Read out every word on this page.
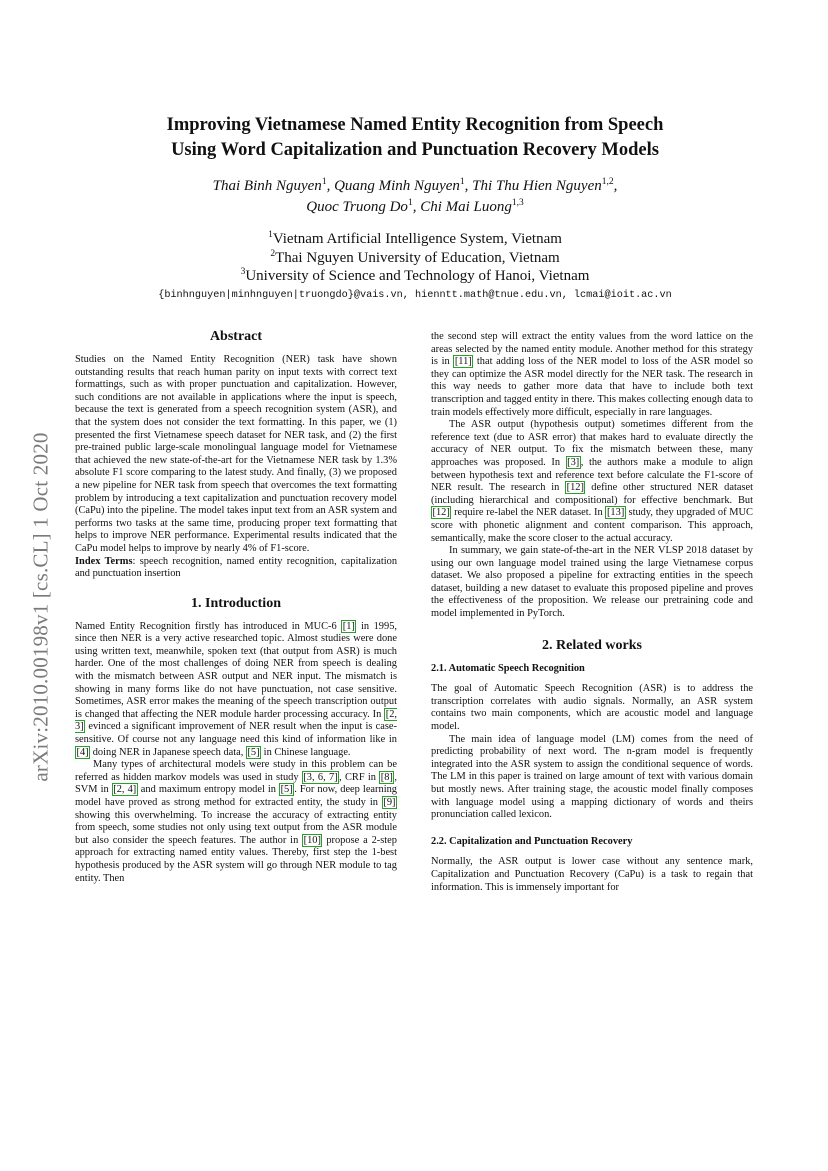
arXiv:2010.00198v1 [cs.CL] 1 Oct 2020
Improving Vietnamese Named Entity Recognition from Speech
Using Word Capitalization and Punctuation Recovery Models
Thai Binh Nguyen$^1$, Quang Minh Nguyen$^1$, Thi Thu Hien Nguyen$^{1,2}$,
Quoc Truong Do$^1$, Chi Mai Luong$^{1,3}$
$^1$Vietnam Artificial Intelligence System, Vietnam
$^2$Thai Nguyen University of Education, Vietnam
$^3$University of Science and Technology of Hanoi, Vietnam
{binhnguyen|minhnguyen|truongdo}@vais.vn, hienntt.math@tnue.edu.vn, lcmai@ioit.ac.vn
Abstract

Studies on the Named Entity Recognition (NER) task have shown outstanding results that reach human parity on input texts with correct text formattings, such as with proper punctuation and capitalization. However, such conditions are not available in applications where the input is speech, because the text is generated from a speech recognition system (ASR), and that the system does not consider the text formatting. In this paper, we (1) presented the first Vietnamese speech dataset for NER task, and (2) the first pre-trained public large-scale monolingual language model for Vietnamese that achieved the new state-of-the-art for the Vietnamese NER task by 1.3% absolute F1 score comparing to the latest study. And finally, (3) we proposed a new pipeline for NER task from speech that overcomes the text formatting problem by introducing a text capitalization and punctuation recovery model (CaPu) into the pipeline. The model takes input text from an ASR system and performs two tasks at the same time, producing proper text formatting that helps to improve NER performance. Experimental results indicated that the CaPu model helps to improve by nearly 4% of F1-score.

Index Terms: speech recognition, named entity recognition, capitalization and punctuation insertion

1. Introduction

Named Entity Recognition firstly has introduced in MUC-6 [1] in 1995, since then NER is a very active researched topic. Almost studies were done using written text, meanwhile, spoken text (that output from ASR) is much harder. One of the most challenges of doing NER from speech is dealing with the mismatch between ASR output and NER input. The mismatch is showing in many forms like do not have punctuation, not case sensitive. Sometimes, ASR error makes the meaning of the speech transcription output is changed that affecting the NER module harder processing accuracy. In [2, 3] evinced a significant improvement of NER result when the input is case-sensitive. Of course not any language need this kind of information like in [4] doing NER in Japanese speech data, [5] in Chinese language.

Many types of architectural models were study in this problem can be referred as hidden markov models was used in study [3, 6, 7] , CRF in [8] , SVM in [2, 4] and maximum entropy model in [5] . For now, deep learning model have proved as strong method for extracted entity, the study in [9] showing this overwhelming. To increase the accuracy of extracting entity from speech, some studies not only using text output from the ASR module but also consider the speech features. The author in [10] propose a 2-step approach for extracting named entity values. Thereby, first step the 1-best hypothesis produced by the ASR system will go through NER module to tag entity. Then

the second step will extract the entity values from the word lattice on the areas selected by the named entity module. Another method for this strategy is in [11] that adding loss of the NER model to loss of the ASR model so they can optimize the ASR model directly for the NER task. The research in this way needs to gather more data that have to include both text transcription and tagged entity in there. This makes collecting enough data to train models effectively more difficult, especially in rare languages.

The ASR output (hypothesis output) sometimes different from the reference text (due to ASR error) that makes hard to evaluate directly the accuracy of NER output. To fix the mismatch between these, many approaches was proposed. In [3] , the authors make a module to align between hypothesis text and reference text before calculate the F1-score of NER result. The research in [12] define other structured NER dataset (including hierarchical and compositional) for effective benchmark. But [12] require re-label the NER dataset. In [13] study, they upgraded of MUC score with phonetic alignment and content comparison. This approach, semantically, make the score closer to the actual accuracy.

In summary, we gain state-of-the-art in the NER VLSP 2018 dataset by using our own language model trained using the large Vietnamese corpus dataset. We also proposed a pipeline for extracting entities in the speech dataset, building a new dataset to evaluate this proposed pipeline and proves the effectiveness of the proposition. We release our pretraining code and model implemented in PyTorch.

2. Related works
2.1. Automatic Speech Recognition

The goal of Automatic Speech Recognition (ASR) is to address the transcription correlates with audio signals. Normally, an ASR system contains two main components, which are acoustic model and language model.

The main idea of language model (LM) comes from the need of predicting probability of next word. The n-gram model is frequently integrated into the ASR system to assign the conditional sequence of words. The LM in this paper is trained on large amount of text with various domain but mostly news. After training stage, the acoustic model finally composes with language model using a mapping dictionary of words and theirs pronunciation called lexicon.

2.2. Capitalization and Punctuation Recovery

Normally, the ASR output is lower case without any sentence mark, Capitalization and Punctuation Recovery (CaPu) is a task to regain that information. This is immensely important for
